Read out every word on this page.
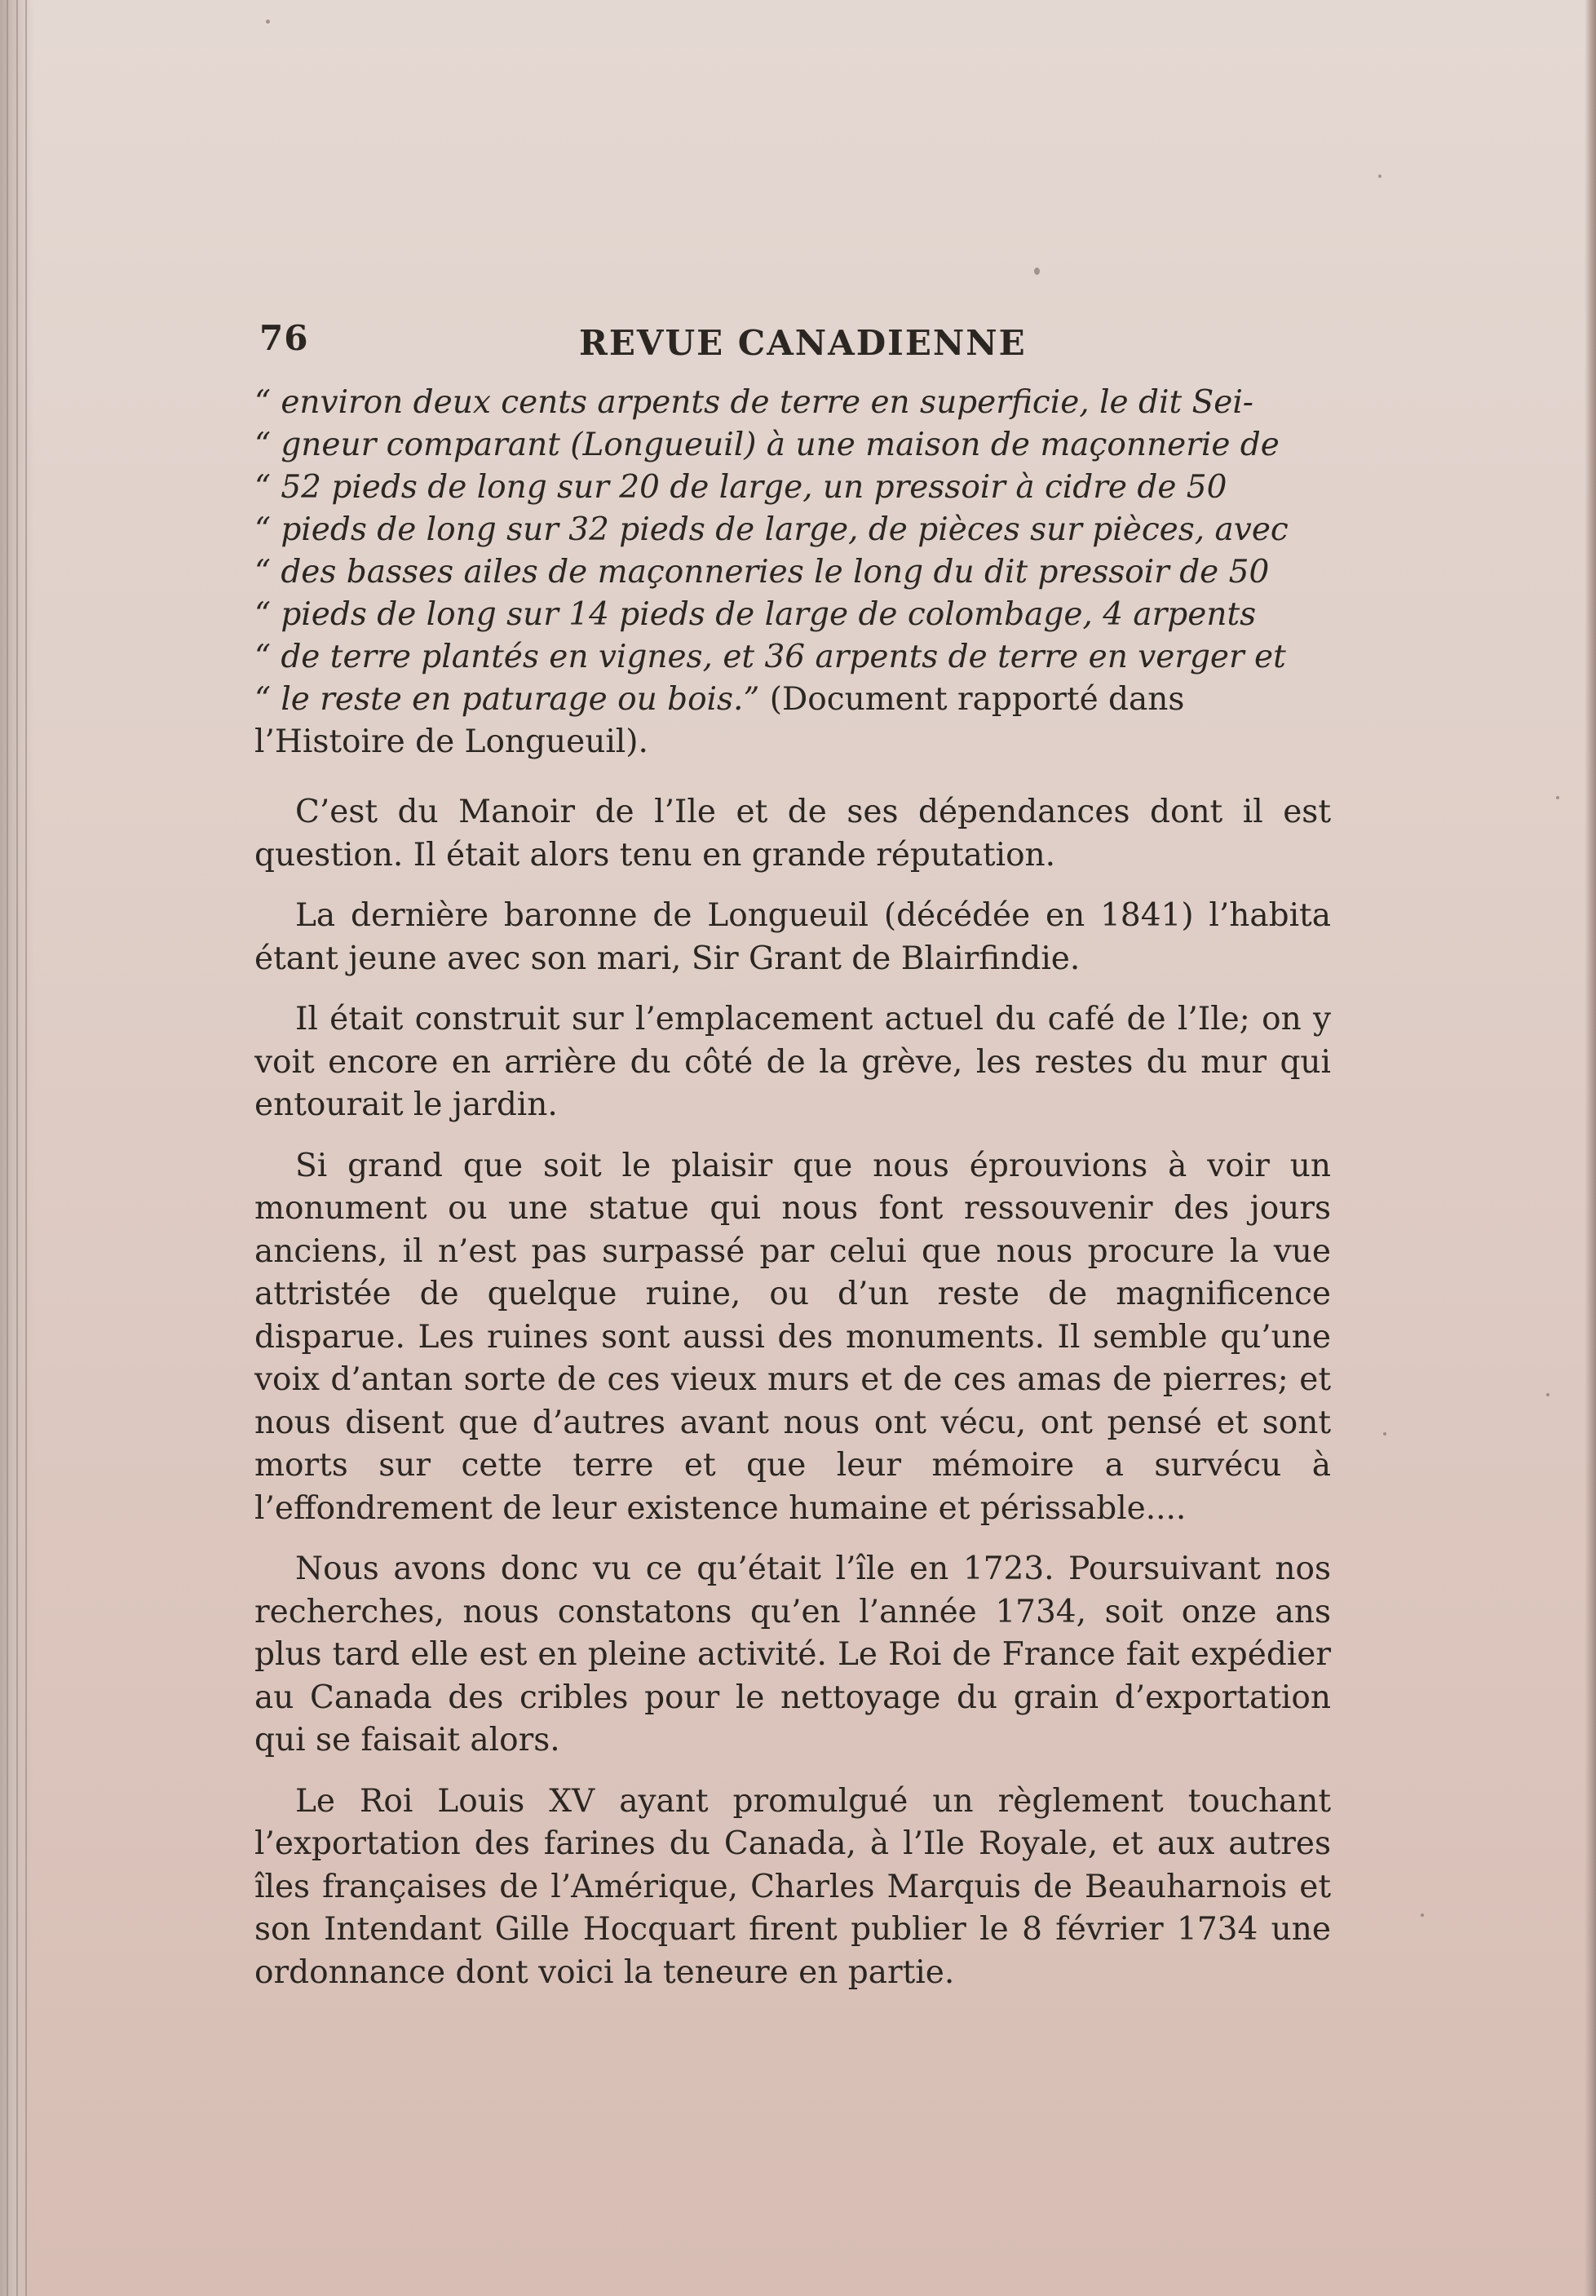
76	REVUE CANADIENNE
“ environ deux cents arpents de terre en superficie, le dit Sei-
“ gneur comparant (Longueuil) à une maison de maçonnerie de
“ 52 pieds de long sur 20 de large, un pressoir à cidre de 50
“ pieds de long sur 32 pieds de large, de pièces sur pièces, avec
“ des basses ailes de maçonneries le long du dit pressoir de 50
“ pieds de long sur 14 pieds de large de colombage, 4 arpents
“ de terre plantés en vignes, et 36 arpents de terre en verger et
“ le reste en paturage ou bois.” (Document rapporté dans
l’Histoire de Longueuil).

C’est du Manoir de l’Ile et de ses dépendances dont il est question. Il était alors tenu en grande réputation.

La dernière baronne de Longueuil (décédée en 1841) l’habita étant jeune avec son mari, Sir Grant de Blairfindie.

Il était construit sur l’emplacement actuel du café de l’Ile; on y voit encore en arrière du côté de la grève, les restes du mur qui entourait le jardin.

Si grand que soit le plaisir que nous éprouvions à voir un monument ou une statue qui nous font ressouvenir des jours anciens, il n’est pas surpassé par celui que nous procure la vue attristée de quelque ruine, ou d’un reste de magnificence disparue. Les ruines sont aussi des monuments. Il semble qu’une voix d’antan sorte de ces vieux murs et de ces amas de pierres; et nous disent que d’autres avant nous ont vécu, ont pensé et sont morts sur cette terre et que leur mémoire a survécu à l’effondrement de leur existence humaine et périssable....

Nous avons donc vu ce qu’était l’île en 1723. Poursuivant nos recherches, nous constatons qu’en l’année 1734, soit onze ans plus tard elle est en pleine activité. Le Roi de France fait expédier au Canada des cribles pour le nettoyage du grain d’exportation qui se faisait alors.

Le Roi Louis XV ayant promulgué un règlement touchant l’exportation des farines du Canada, à l’Ile Royale, et aux autres îles françaises de l’Amérique, Charles Marquis de Beauharnois et son Intendant Gille Hocquart firent publier le 8 février 1734 une ordonnance dont voici la teneure en partie.
